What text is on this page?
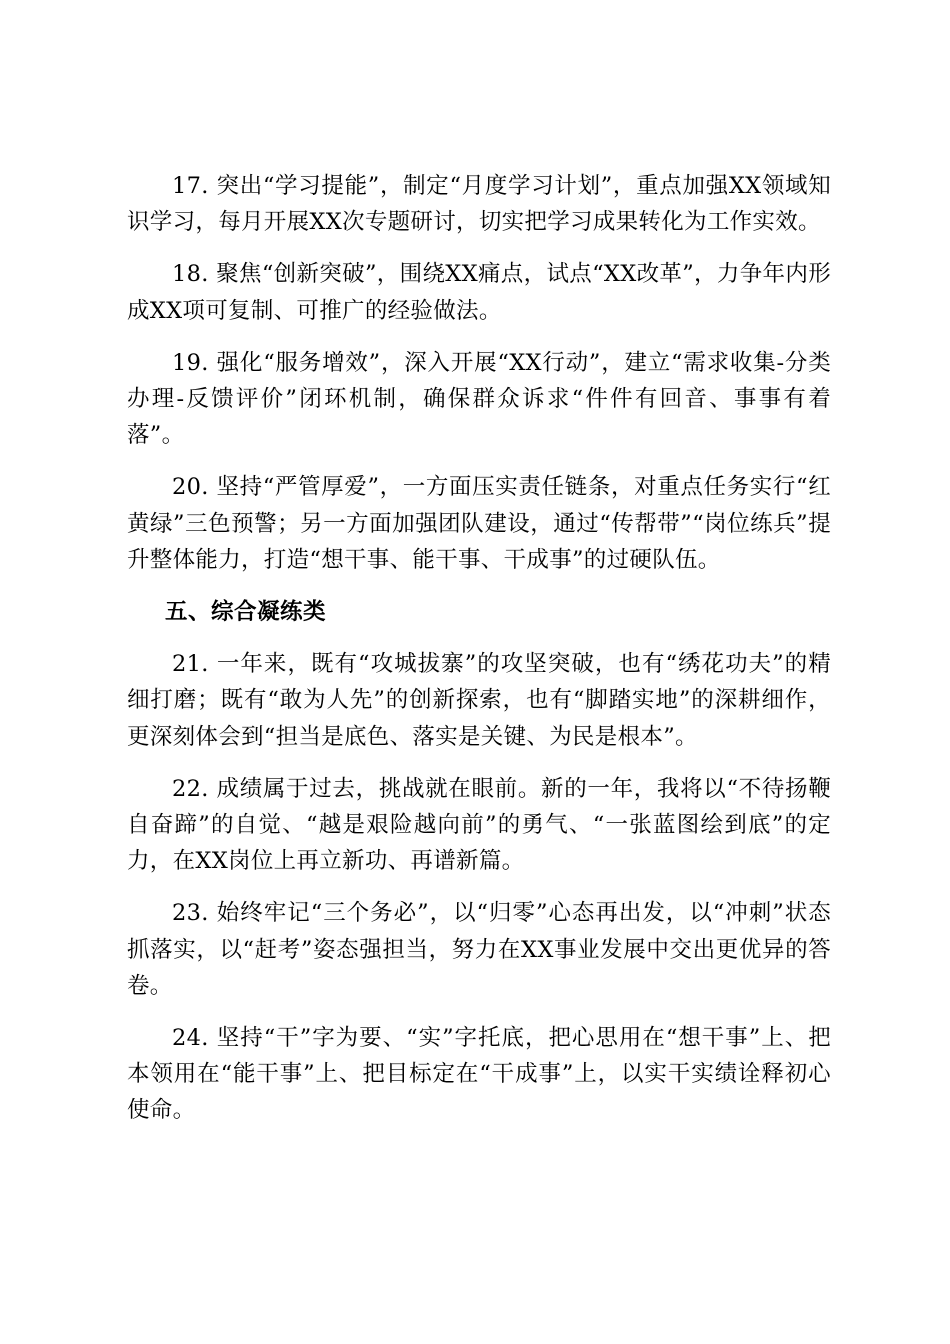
17. 突出“学习提能”，制定“月度学习计划”，重点加强XX领域知识学习，每月开展XX次专题研讨，切实把学习成果转化为工作实效。

18. 聚焦“创新突破”，围绕XX痛点，试点“XX改革”，力争年内形成XX项可复制、可推广的经验做法。

19. 强化“服务增效”，深入开展“XX行动”，建立“需求收集-分类办理-反馈评价”闭环机制，确保群众诉求“件件有回音、事事有着落”。

20. 坚持“严管厚爱”，一方面压实责任链条，对重点任务实行“红黄绿”三色预警；另一方面加强团队建设，通过“传帮带”“岗位练兵”提升整体能力，打造“想干事、能干事、干成事”的过硬队伍。

五、综合凝练类

21. 一年来，既有“攻城拔寨”的攻坚突破，也有“绣花功夫”的精细打磨；既有“敢为人先”的创新探索，也有“脚踏实地”的深耕细作，更深刻体会到“担当是底色、落实是关键、为民是根本”。

22. 成绩属于过去，挑战就在眼前。新的一年，我将以“不待扬鞭自奋蹄”的自觉、“越是艰险越向前”的勇气、“一张蓝图绘到底”的定力，在XX岗位上再立新功、再谱新篇。

23. 始终牢记“三个务必”，以“归零”心态再出发，以“冲刺”状态抓落实，以“赶考”姿态强担当，努力在XX事业发展中交出更优异的答卷。

24. 坚持“干”字为要、“实”字托底，把心思用在“想干事”上、把本领用在“能干事”上、把目标定在“干成事”上，以实干实绩诠释初心使命。
